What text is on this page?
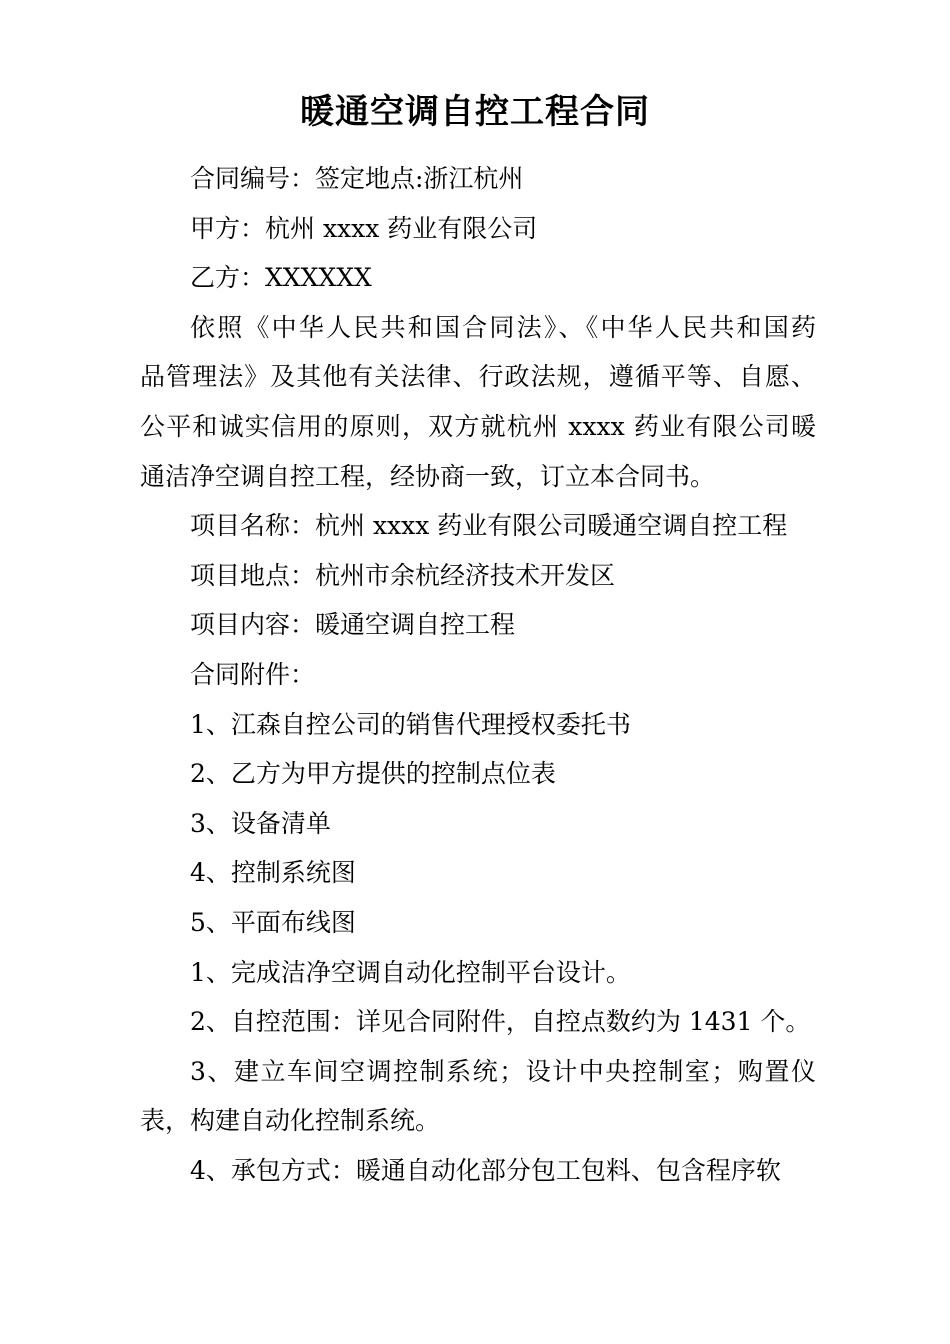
暖通空调自控工程合同
合同编号：签定地点:浙江杭州
甲方：杭州 xxxx 药业有限公司
乙方：XXXXXX
依照《中华人民共和国合同法》、《中华人民共和国药
品管理法》及其他有关法律、行政法规，遵循平等、自愿、
公平和诚实信用的原则，双方就杭州 xxxx 药业有限公司暖
通洁净空调自控工程，经协商一致，订立本合同书。
项目名称：杭州 xxxx 药业有限公司暖通空调自控工程
项目地点：杭州市余杭经济技术开发区
项目内容：暖通空调自控工程
合同附件：
1、江森自控公司的销售代理授权委托书
2、乙方为甲方提供的控制点位表
3、设备清单
4、控制系统图
5、平面布线图
1、完成洁净空调自动化控制平台设计。
2、自控范围：详见合同附件，自控点数约为 1431 个。
3、建立车间空调控制系统；设计中央控制室；购置仪
表，构建自动化控制系统。
4、承包方式：暖通自动化部分包工包料、包含程序软
